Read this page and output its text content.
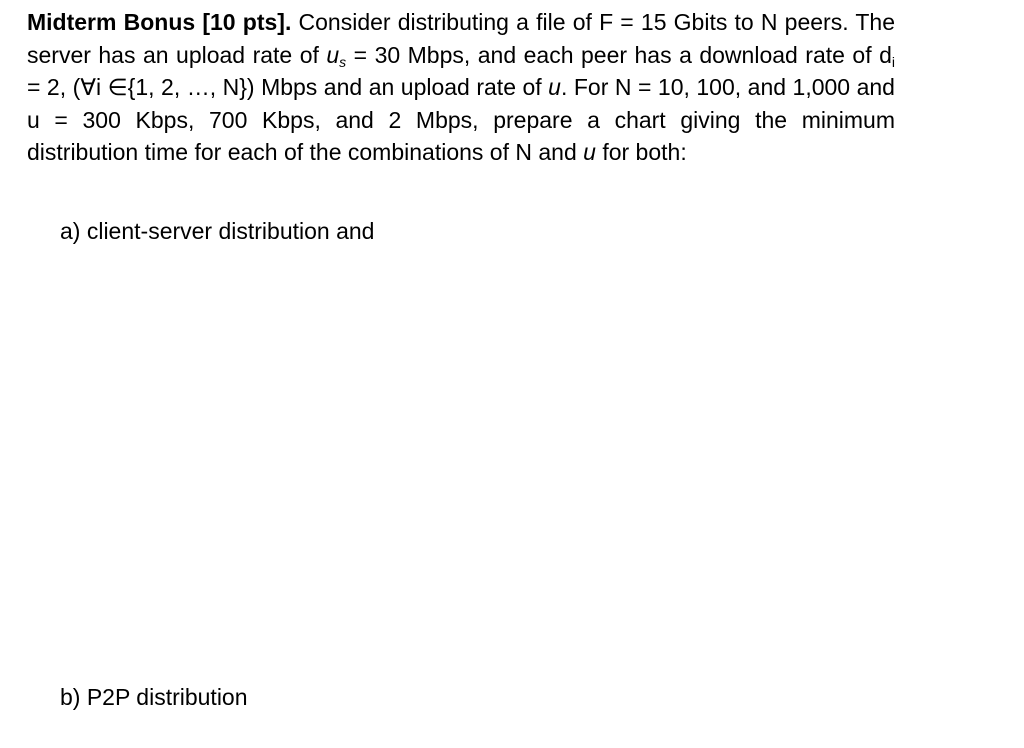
Midterm Bonus [10 pts]. Consider distributing a file of F = 15 Gbits to N peers. The server has an upload rate of $u_s = 30$ Mbps, and each peer has a download rate of $d_i = 2$, (∀i ∈{1, 2, …, N}) Mbps and an upload rate of u. For N = 10, 100, and 1,000 and u = 300 Kbps, 700 Kbps, and 2 Mbps, prepare a chart giving the minimum distribution time for each of the combinations of N and u for both:

a) client-server distribution and

b) P2P distribution
